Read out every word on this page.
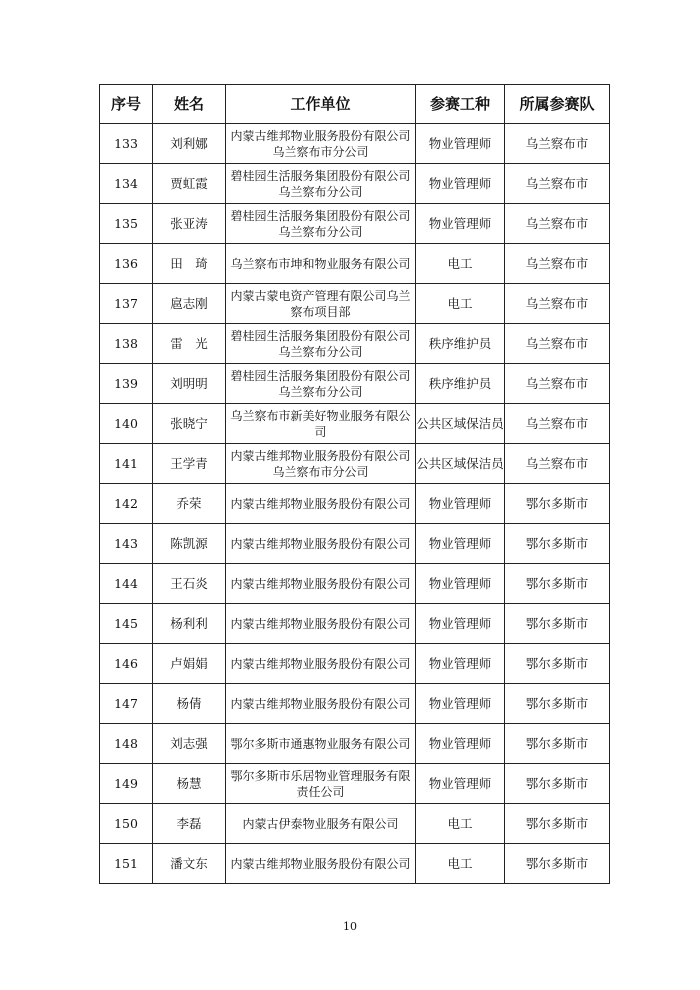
序号	姓名	工作单位	参赛工种	所属参赛队
133	刘利娜	内蒙古维邦物业服务股份有限公司乌兰察布市分公司	物业管理师	乌兰察布市
134	贾虹霞	碧桂园生活服务集团股份有限公司乌兰察布分公司	物业管理师	乌兰察布市
135	张亚涛	碧桂园生活服务集团股份有限公司乌兰察布分公司	物业管理师	乌兰察布市
136	田　琦	乌兰察布市坤和物业服务有限公司	电工	乌兰察布市
137	扈志刚	内蒙古蒙电资产管理有限公司乌兰察布项目部	电工	乌兰察布市
138	雷　光	碧桂园生活服务集团股份有限公司乌兰察布分公司	秩序维护员	乌兰察布市
139	刘明明	碧桂园生活服务集团股份有限公司乌兰察布分公司	秩序维护员	乌兰察布市
140	张晓宁	乌兰察布市新美好物业服务有限公司	公共区域保洁员	乌兰察布市
141	王学青	内蒙古维邦物业服务股份有限公司乌兰察布市分公司	公共区域保洁员	乌兰察布市
142	乔荣	内蒙古维邦物业服务股份有限公司	物业管理师	鄂尔多斯市
143	陈凯源	内蒙古维邦物业服务股份有限公司	物业管理师	鄂尔多斯市
144	王石炎	内蒙古维邦物业服务股份有限公司	物业管理师	鄂尔多斯市
145	杨利利	内蒙古维邦物业服务股份有限公司	物业管理师	鄂尔多斯市
146	卢娟娟	内蒙古维邦物业服务股份有限公司	物业管理师	鄂尔多斯市
147	杨倩	内蒙古维邦物业服务股份有限公司	物业管理师	鄂尔多斯市
148	刘志强	鄂尔多斯市通惠物业服务有限公司	物业管理师	鄂尔多斯市
149	杨慧	鄂尔多斯市乐居物业管理服务有限责任公司	物业管理师	鄂尔多斯市
150	李磊	内蒙古伊泰物业服务有限公司	电工	鄂尔多斯市
151	潘文东	内蒙古维邦物业服务股份有限公司	电工	鄂尔多斯市
10
